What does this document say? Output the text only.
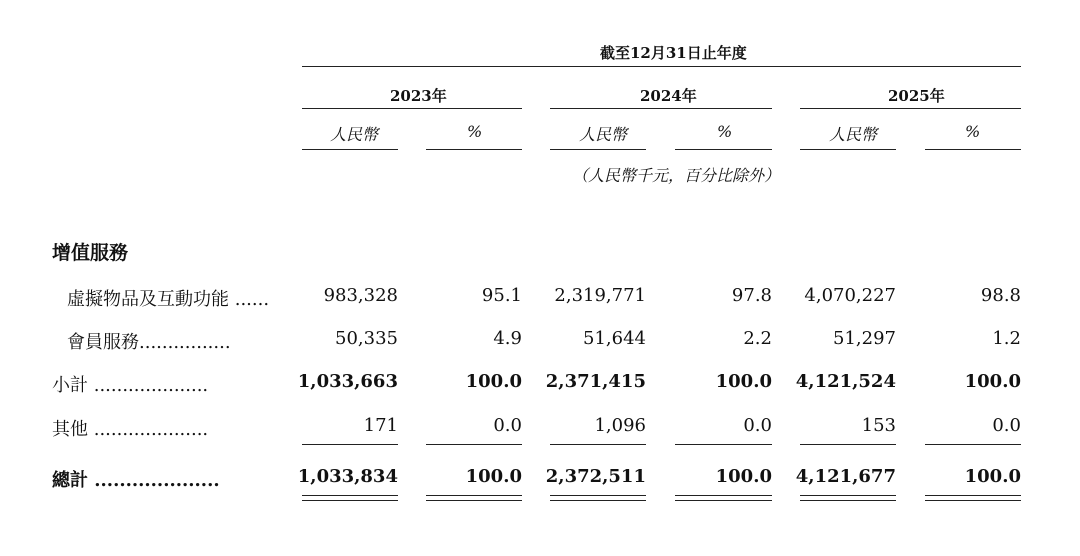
截至12月31日止年度
2023年	2024年	2025年
人民幣	%	人民幣	%	人民幣	%
（人民幣千元，百分比除外）
增值服務
虛擬物品及互動功能 ......	983,328	95.1	2,319,771	97.8	4,070,227	98.8
會員服務................	50,335	4.9	51,644	2.2	51,297	1.2
小計 ....................	1,033,663	100.0	2,371,415	100.0	4,121,524	100.0
其他 ....................	171	0.0	1,096	0.0	153	0.0
總計 ....................	1,033,834	100.0	2,372,511	100.0	4,121,677	100.0
